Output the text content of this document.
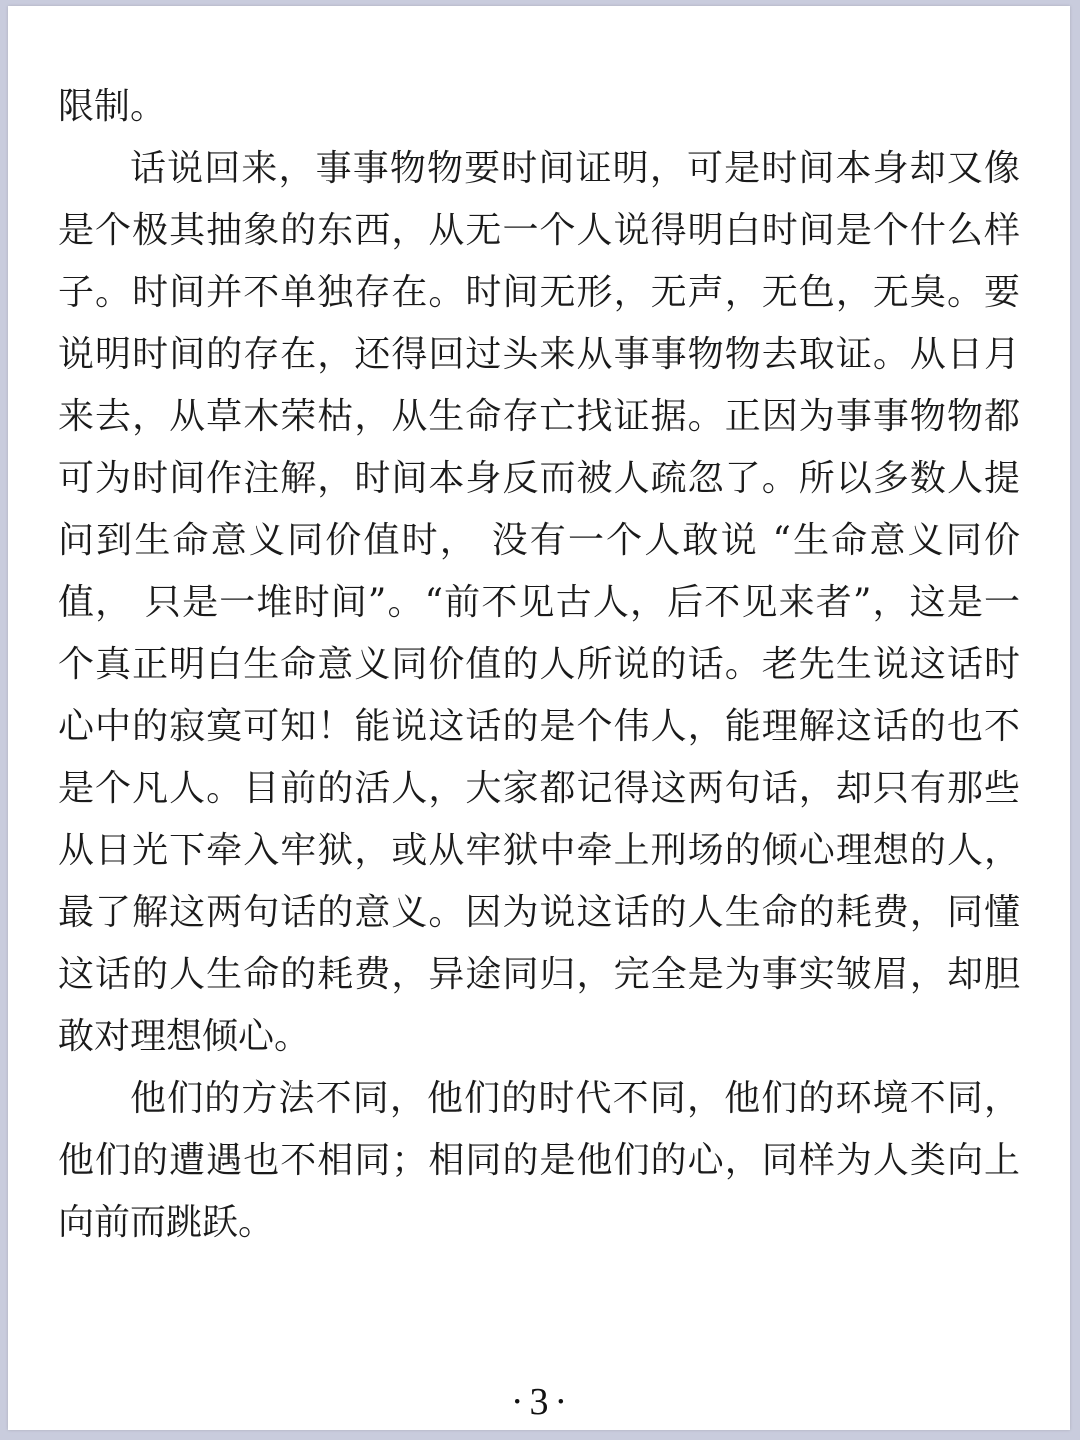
限制。

话说回来，事事物物要时间证明，可是时间本身却又像是个极其抽象的东西，从无一个人说得明白时间是个什么样子。时间并不单独存在。时间无形，无声，无色，无臭。要说明时间的存在，还得回过头来从事事物物去取证。从日月来去，从草木荣枯，从生命存亡找证据。正因为事事物物都可为时间作注解，时间本身反而被人疏忽了。所以多数人提问到生命意义同价值时， 没有一个人敢说 “生命意义同价值， 只是一堆时间”。“前不见古人，后不见来者”，这是一个真正明白生命意义同价值的人所说的话。老先生说这话时心中的寂寞可知！能说这话的是个伟人，能理解这话的也不是个凡人。目前的活人，大家都记得这两句话，却只有那些从日光下牵入牢狱，或从牢狱中牵上刑场的倾心理想的人，最了解这两句话的意义。因为说这话的人生命的耗费，同懂这话的人生命的耗费，异途同归，完全是为事实皱眉，却胆敢对理想倾心。

他们的方法不同，他们的时代不同，他们的环境不同，他们的遭遇也不相同；相同的是他们的心，同样为人类向上向前而跳跃。

· 3 ·
